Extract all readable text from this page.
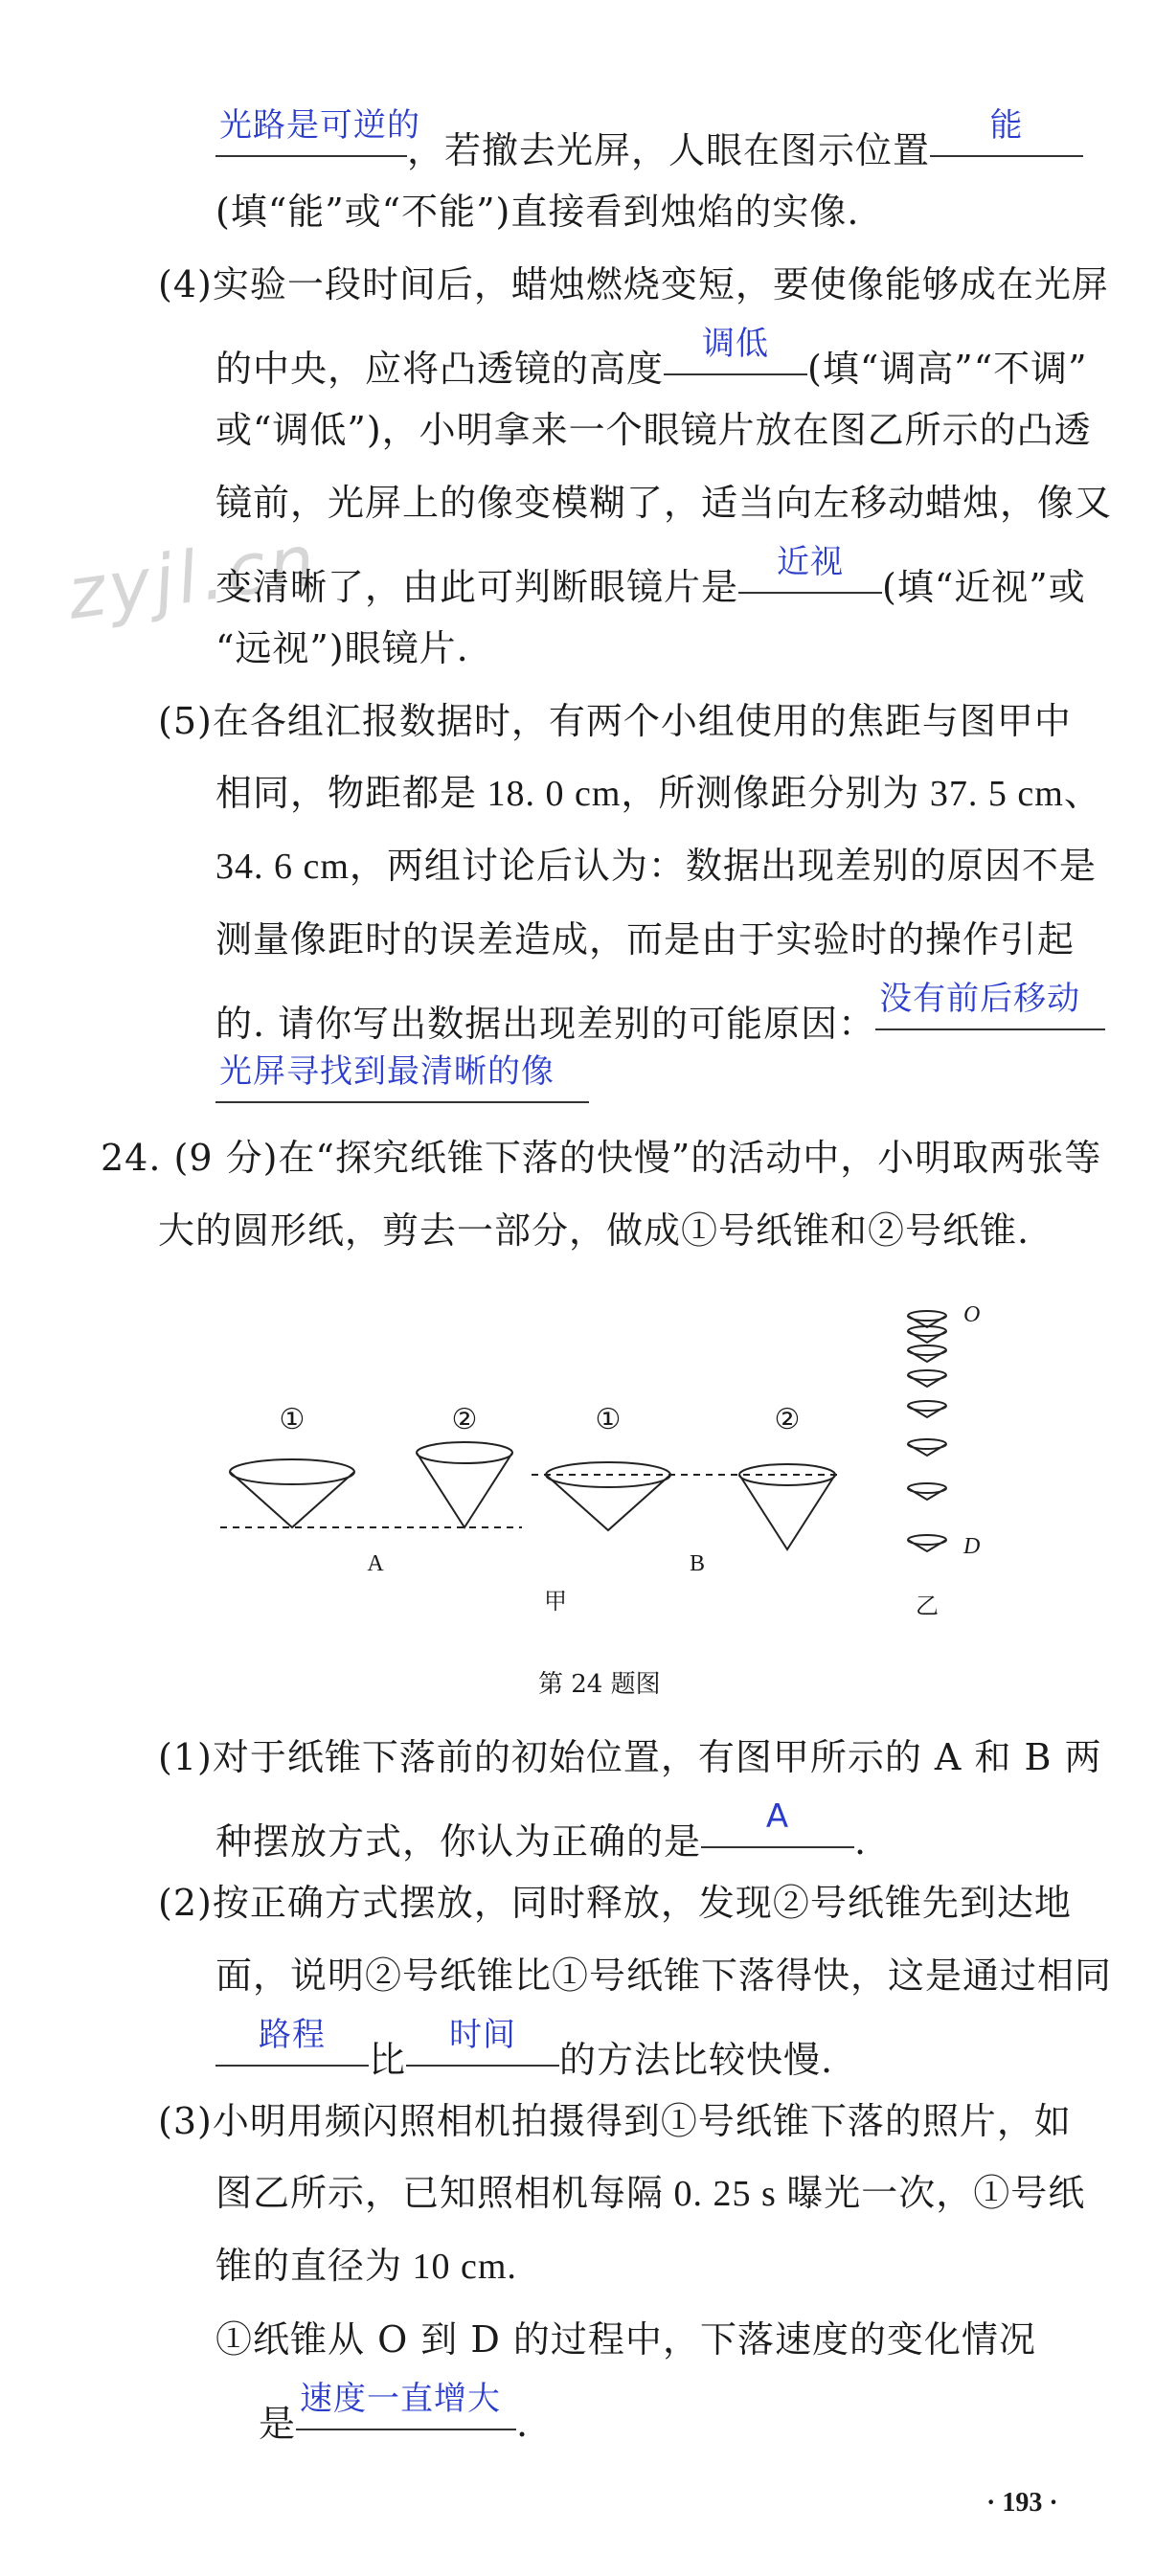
zyjl.cn
光路是可逆的
，若撤去光屏，人眼在图示位置
能
(填“能”或“不能”)直接看到烛焰的实像.
(4)实验一段时间后，蜡烛燃烧变短，要使像能够成在光屏
的中央，应将凸透镜的高度
调低
(填“调高”“不调”
或“调低”)，小明拿来一个眼镜片放在图乙所示的凸透
镜前，光屏上的像变模糊了，适当向左移动蜡烛，像又
变清晰了，由此可判断眼镜片是
近视
(填“近视”或
“远视”)眼镜片.
(5)在各组汇报数据时，有两个小组使用的焦距与图甲中
相同，物距都是 18. 0 cm，所测像距分别为 37. 5 cm、
34. 6 cm，两组讨论后认为：数据出现差别的原因不是
测量像距时的误差造成，而是由于实验时的操作引起
的. 请你写出数据出现差别的可能原因：
没有前后移动
光屏寻找到最清晰的像
24. (9 分)在“探究纸锥下落的快慢”的活动中，小明取两张等
大的圆形纸，剪去一部分，做成①号纸锥和②号纸锥.
①	②	①	②
A	B
甲	乙
O
D
第 24 题图
(1)对于纸锥下落前的初始位置，有图甲所示的 A 和 B 两
种摆放方式，你认为正确的是
A
.
(2)按正确方式摆放，同时释放，发现②号纸锥先到达地
面，说明②号纸锥比①号纸锥下落得快，这是通过相同
路程
比
时间
的方法比较快慢.
(3)小明用频闪照相机拍摄得到①号纸锥下落的照片，如
图乙所示，已知照相机每隔 0. 25 s 曝光一次，①号纸
锥的直径为 10 cm.
①纸锥从 O 到 D 的过程中，下落速度的变化情况
是
速度一直增大
.
· 193 ·
